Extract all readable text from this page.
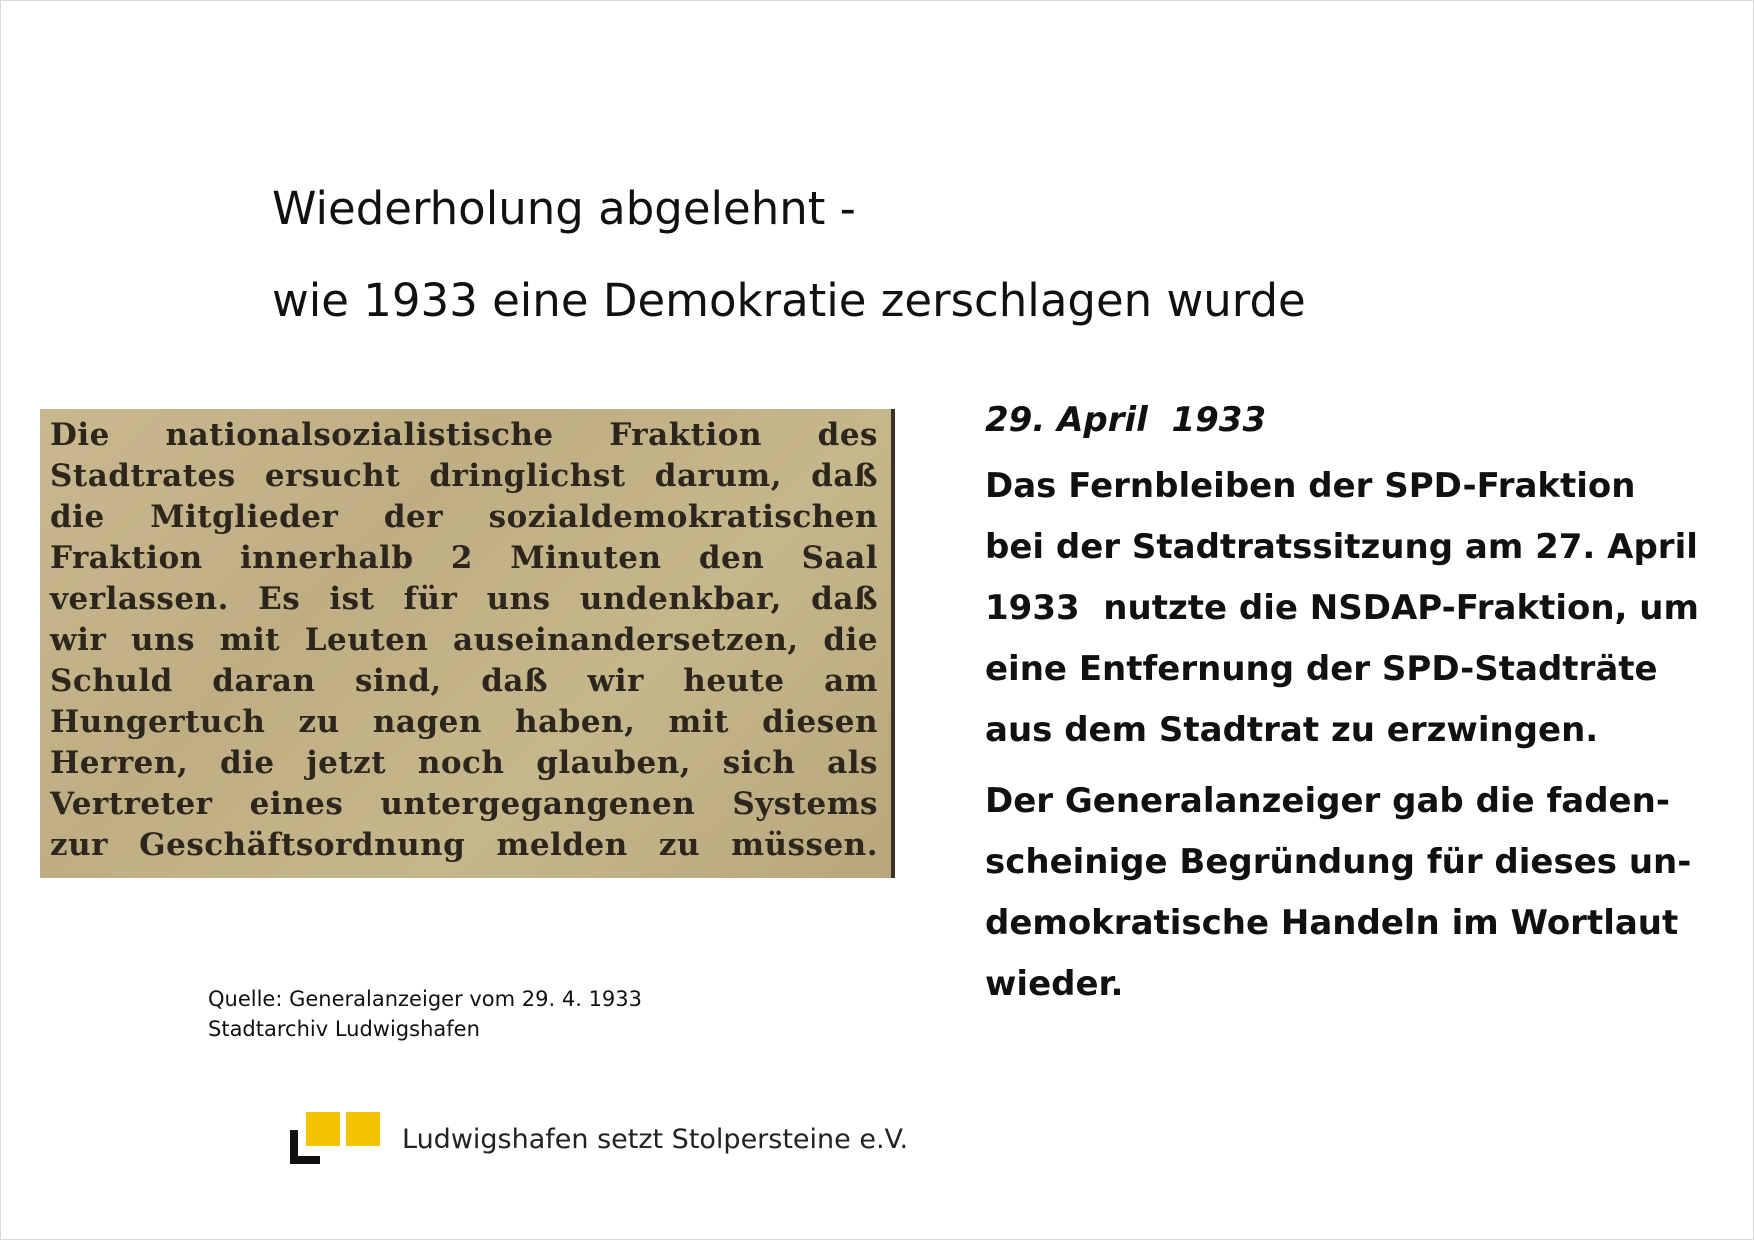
Wiederholung abgelehnt -
wie 1933 eine Demokratie zerschlagen wurde
Die nationalsozialistische Fraktion des
Stadtrates ersucht dringlichst darum, daß
die Mitglieder der sozialdemokratischen
Fraktion innerhalb 2 Minuten den Saal
verlassen. Es ist für uns undenkbar, daß
wir uns mit Leuten auseinandersetzen, die
Schuld daran sind, daß wir heute am
Hungertuch zu nagen haben, mit diesen
Herren, die jetzt noch glauben, sich als
Vertreter eines untergegangenen Systems
zur Geschäftsordnung melden zu müssen.
Quelle: Generalanzeiger vom 29. 4. 1933
Stadtarchiv Ludwigshafen
29. April  1933
Das Fernbleiben der SPD-Fraktion
bei der Stadtratssitzung am 27. April
1933  nutzte die NSDAP-Fraktion, um
eine Entfernung der SPD-Stadträte
aus dem Stadtrat zu erzwingen.
Der Generalanzeiger gab die faden-
scheinige Begründung für dieses un-
demokratische Handeln im Wortlaut
wieder.
Ludwigshafen setzt Stolpersteine e.V.
